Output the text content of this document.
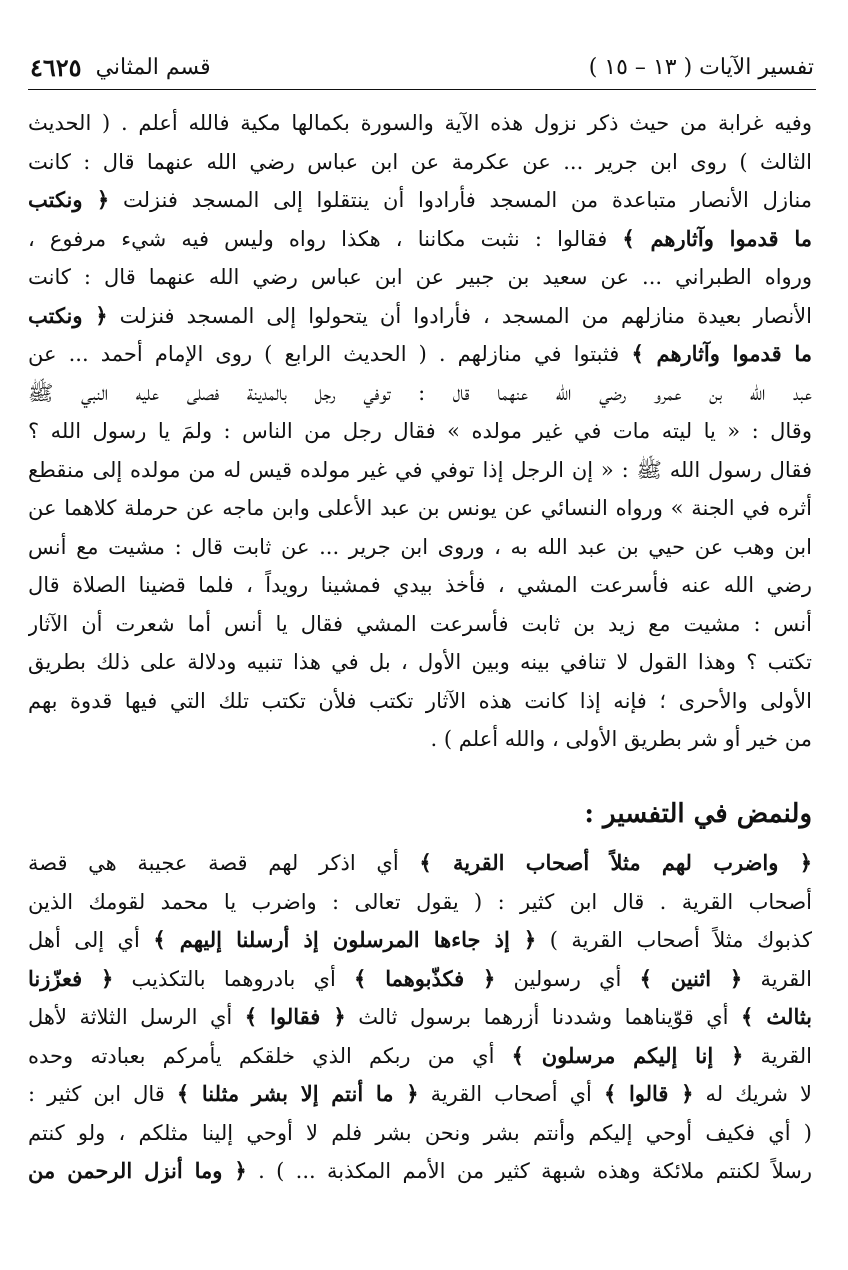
تفسير الآيات ( ١٣ – ١٥ )
قسم المثاني
٤٦٢٥
وفيه غرابة من حيث ذكر نزول هذه الآية والسورة بكمالها مكية فالله أعلم . ( الحديث
الثالث ) روى ابن جرير ... عن عكرمة عن ابن عباس رضي الله عنهما قال : كانت
منازل الأنصار متباعدة من المسجد فأرادوا أن ينتقلوا إلى المسجد فنزلت ﴿ ونكتب
ما قدموا وآثارهم ﴾ فقالوا : نثبت مكاننا ، هكذا رواه وليس فيه شيء مرفوع ،
ورواه الطبراني ... عن سعيد بن جبير عن ابن عباس رضي الله عنهما قال : كانت
الأنصار بعيدة منازلهم من المسجد ، فأرادوا أن يتحولوا إلى المسجد فنزلت ﴿ ونكتب
ما قدموا وآثارهم ﴾ فثبتوا في منازلهم . ( الحديث الرابع ) روى الإمام أحمد ... عن
عبد الله بن عمرو رضي الله عنهما قال : توفي رجل بالمدينة فصلى عليه النبي ﷺ
وقال : « يا ليته مات في غير مولده » فقال رجل من الناس : ولمَ يا رسول الله ؟
فقال رسول الله ﷺ : « إن الرجل إذا توفي في غير مولده قيس له من مولده إلى منقطع
أثره في الجنة » ورواه النسائي عن يونس بن عبد الأعلى وابن ماجه عن حرملة كلاهما عن
ابن وهب عن حيي بن عبد الله به ، وروى ابن جرير ... عن ثابت قال : مشيت مع أنس
رضي الله عنه فأسرعت المشي ، فأخذ بيدي فمشينا رويداً ، فلما قضينا الصلاة قال
أنس : مشيت مع زيد بن ثابت فأسرعت المشي فقال يا أنس أما شعرت أن الآثار
تكتب ؟ وهذا القول لا تنافي بينه وبين الأول ، بل في هذا تنبيه ودلالة على ذلك بطريق
الأولى والأحرى ؛ فإنه إذا كانت هذه الآثار تكتب فلأن تكتب تلك التي فيها قدوة بهم
من خير أو شر بطريق الأولى ، والله أعلم ) .
ولنمض في التفسير :
﴿ واضرب لهم مثلاً أصحاب القرية ﴾ أي اذكر لهم قصة عجيبة هي قصة
أصحاب القرية . قال ابن كثير : ( يقول تعالى : واضرب يا محمد لقومك الذين
كذبوك مثلاً أصحاب القرية ) ﴿ إذ جاءها المرسلون إذ أرسلنا إليهم ﴾ أي إلى أهل
القرية ﴿ اثنين ﴾ أي رسولين ﴿ فكذّبوهما ﴾ أي بادروهما بالتكذيب ﴿ فعزّزنا
بثالث ﴾ أي قوّيناهما وشددنا أزرهما برسول ثالث ﴿ فقالوا ﴾ أي الرسل الثلاثة لأهل
القرية ﴿ إنا إليكم مرسلون ﴾ أي من ربكم الذي خلقكم يأمركم بعبادته وحده
لا شريك له ﴿ قالوا ﴾ أي أصحاب القرية ﴿ ما أنتم إلا بشر مثلنا ﴾ قال ابن كثير :
( أي فكيف أوحي إليكم وأنتم بشر ونحن بشر فلم لا أوحي إلينا مثلكم ، ولو كنتم
رسلاً لكنتم ملائكة وهذه شبهة كثير من الأمم المكذبة ... ) . ﴿ وما أنزل الرحمن من
